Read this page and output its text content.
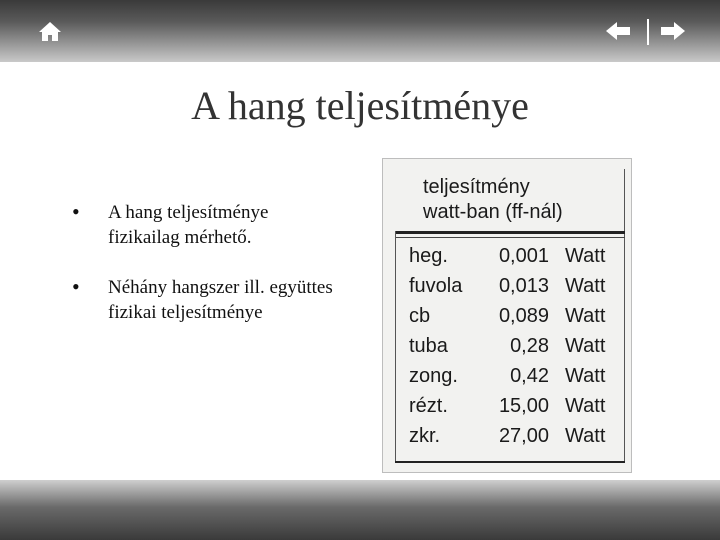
A hang teljesítménye
• A hang teljesítménye fizikailag mérhető.
• Néhány hangszer ill. együttes fizikai teljesítménye
teljesítmény
watt-ban (ff-nál)
heg.	0,001 Watt
fuvola 0,013 Watt
cb	0,089 Watt
tuba	0,28 Watt
zong.	0,42 Watt
rézt.	15,00 Watt
zkr.	27,00 Watt
